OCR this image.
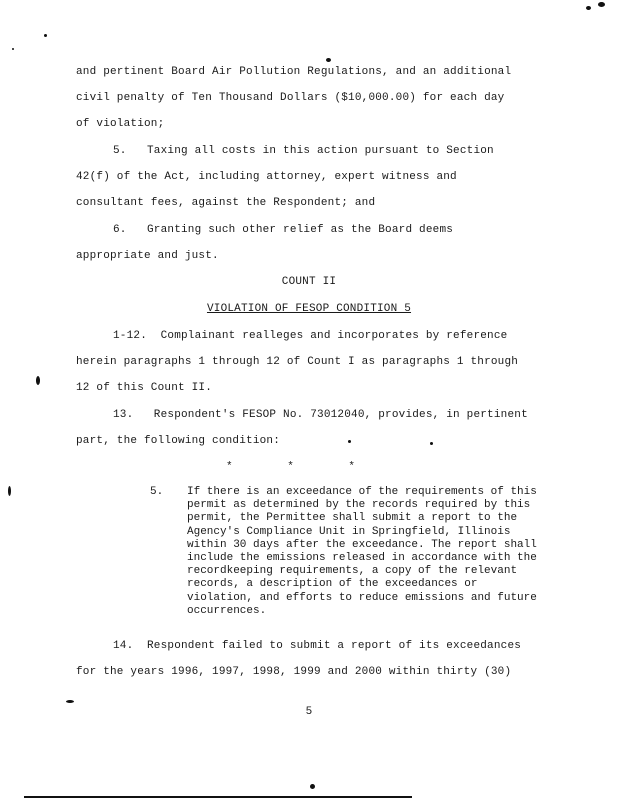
and pertinent Board Air Pollution Regulations, and an additional
civil penalty of Ten Thousand Dollars ($10,000.00) for each day
of violation;
5.   Taxing all costs in this action pursuant to Section
42(f) of the Act, including attorney, expert witness and
consultant fees, against the Respondent; and
6.   Granting such other relief as the Board deems
appropriate and just.
COUNT II
VIOLATION OF FESOP CONDITION 5
1-12.  Complainant realleges and incorporates by reference
herein paragraphs 1 through 12 of Count I as paragraphs 1 through
12 of this Count II.
13.   Respondent's FESOP No. 73012040, provides, in pertinent
part, the following condition:
*        *        *
5. If there is an exceedance of the requirements of this permit as determined by the records required by this permit, the Permittee shall submit a report to the Agency's Compliance Unit in Springfield, Illinois within 30 days after the exceedance. The report shall include the emissions released in accordance with the recordkeeping requirements, a copy of the relevant records, a description of the exceedances or violation, and efforts to reduce emissions and future occurrences.
14.  Respondent failed to submit a report of its exceedances
for the years 1996, 1997, 1998, 1999 and 2000 within thirty (30)
5
